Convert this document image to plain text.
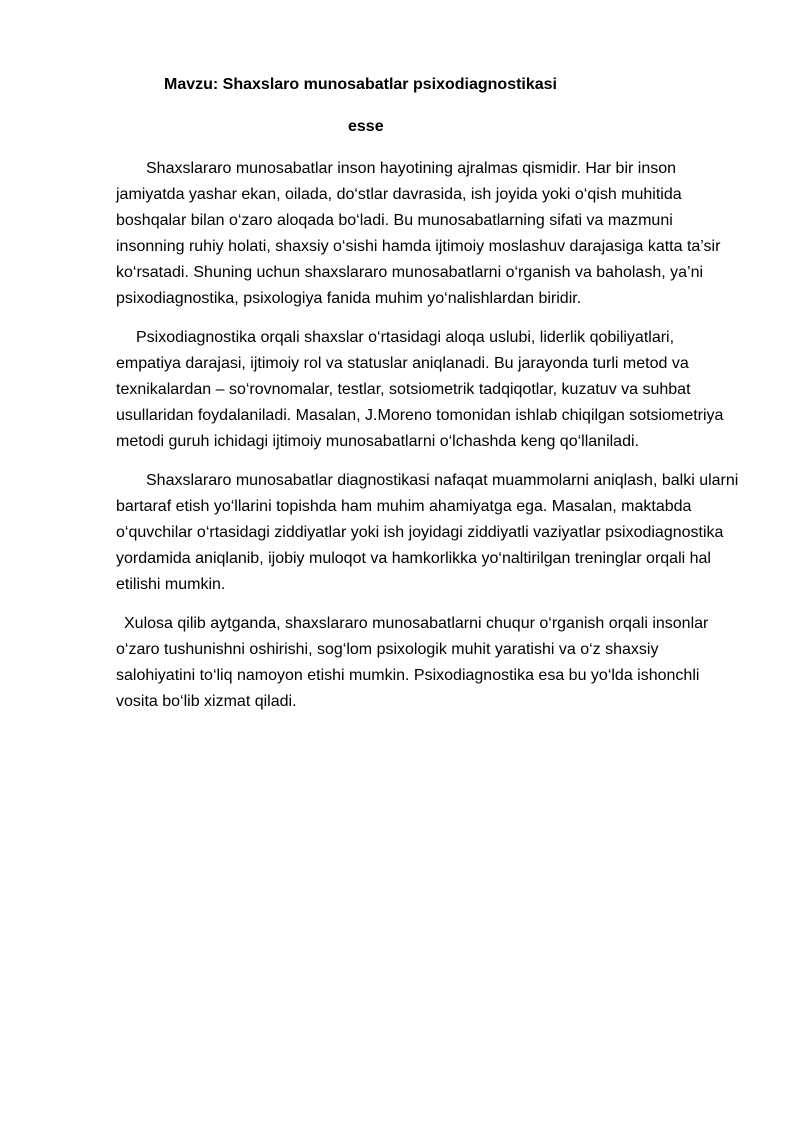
Mavzu: Shaxslaro munosabatlar psixodiagnostikasi
esse

Shaxslararo munosabatlar inson hayotining ajralmas qismidir. Har bir inson jamiyatda yashar ekan, oilada, do‘stlar davrasida, ish joyida yoki o‘qish muhitida boshqalar bilan o‘zaro aloqada bo‘ladi. Bu munosabatlarning sifati va mazmuni insonning ruhiy holati, shaxsiy o‘sishi hamda ijtimoiy moslashuv darajasiga katta ta’sir ko‘rsatadi. Shuning uchun shaxslararo munosabatlarni o‘rganish va baholash, ya’ni psixodiagnostika, psixologiya fanida muhim yo‘nalishlardan biridir.

Psixodiagnostika orqali shaxslar o‘rtasidagi aloqa uslubi, liderlik qobiliyatlari, empatiya darajasi, ijtimoiy rol va statuslar aniqlanadi. Bu jarayonda turli metod va texnikalardan – so‘rovnomalar, testlar, sotsiometrik tadqiqotlar, kuzatuv va suhbat usullaridan foydalaniladi. Masalan, J.Moreno tomonidan ishlab chiqilgan sotsiometriya metodi guruh ichidagi ijtimoiy munosabatlarni o‘lchashda keng qo‘llaniladi.

Shaxslararo munosabatlar diagnostikasi nafaqat muammolarni aniqlash, balki ularni bartaraf etish yo‘llarini topishda ham muhim ahamiyatga ega. Masalan, maktabda o‘quvchilar o‘rtasidagi ziddiyatlar yoki ish joyidagi ziddiyatli vaziyatlar psixodiagnostika yordamida aniqlanib, ijobiy muloqot va hamkorlikka yo‘naltirilgan treninglar orqali hal etilishi mumkin.

Xulosa qilib aytganda, shaxslararo munosabatlarni chuqur o‘rganish orqali insonlar o‘zaro tushunishni oshirishi, sog‘lom psixologik muhit yaratishi va o‘z shaxsiy salohiyatini to‘liq namoyon etishi mumkin. Psixodiagnostika esa bu yo‘lda ishonchli vosita bo‘lib xizmat qiladi.
